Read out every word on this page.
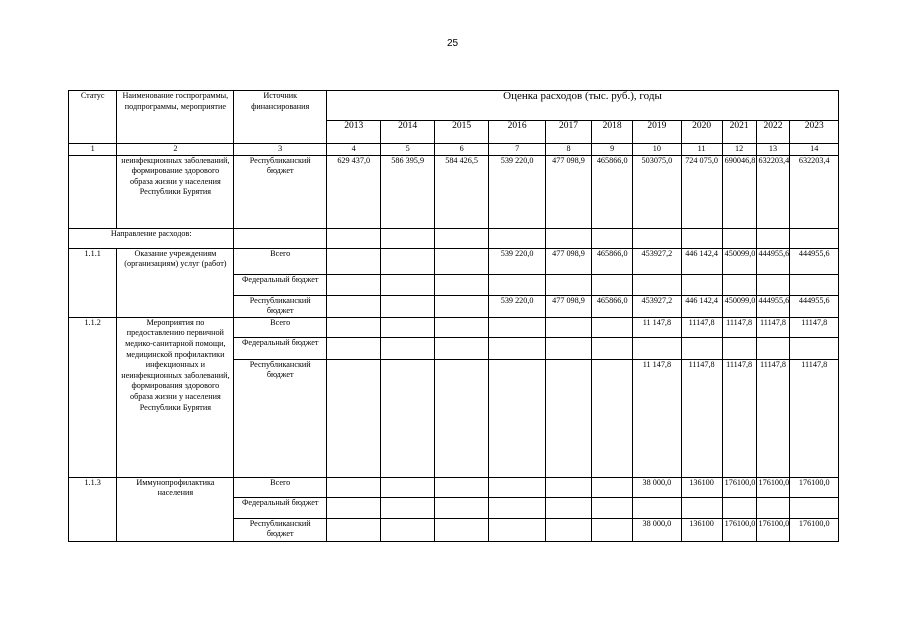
25
Статус	Наименование госпрограммы, подпрограммы, мероприятие	Источник финансирования	Оценка расходов (тыс. руб.), годы										
			2013	2014	2015	2016	2017	2018	2019	2020	2021	2022	2023
1	2	3	4	5	6	7	8	9	10	11	12	13	14
	неинфекционных заболеваний, формирование здорового образа жизни у населения Республики Бурятия	Республиканский бюджет	629 437,0	586 395,9	584 426,5	539 220,0	477 098,9	465866,0	503075,0	724 075,0	690046,8	632203,4	632203,4
Направление расходов:													
1.1.1	Оказание учреждениям (организациям) услуг (работ)	Всего				539 220,0	477 098,9	465866,0	453927,2	446 142,4	450099,0	444955,6	444955,6
		Федеральный бюджет											
		Республиканский бюджет				539 220,0	477 098,9	465866,0	453927,2	446 142,4	450099,0	444955,6	444955,6
1.1.2	Мероприятия по предоставлению первичной медико-санитарной помощи, медицинской профилактики инфекционных и неинфекционных заболеваний, формирования здорового образа жизни у населения Республики Бурятия	Всего							11 147,8	11147,8	11147,8	11147,8	11147,8
		Федеральный бюджет											
		Республиканский бюджет							11 147,8	11147,8	11147,8	11147,8	11147,8
1.1.3	Иммунопрофилактика населения	Всего							38 000,0	136100	176100,0	176100,0	176100,0
		Федеральный бюджет											
		Республиканский бюджет							38 000,0	136100	176100,0	176100,0	176100,0
